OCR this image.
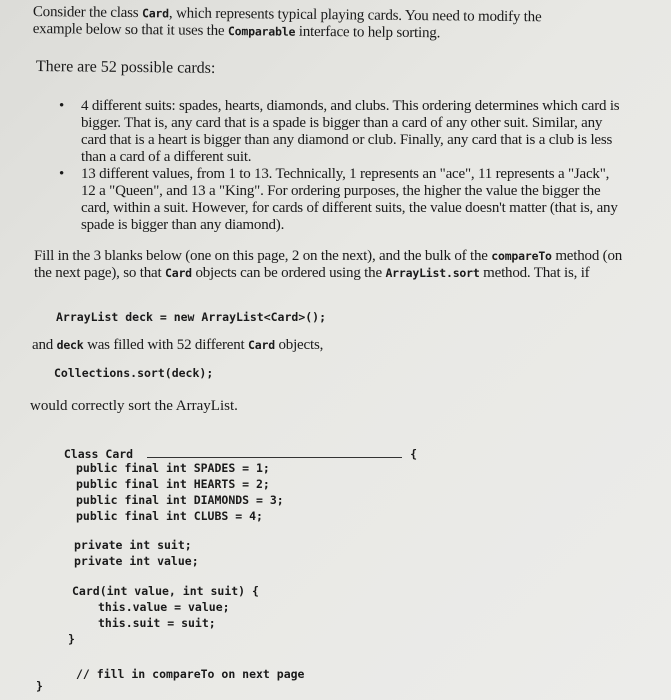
Consider the class Card, which represents typical playing cards. You need to modify the example below so that it uses the Comparable interface to help sorting.
There are 52 possible cards:
• 4 different suits: spades, hearts, diamonds, and clubs. This ordering determines which card is bigger. That is, any card that is a spade is bigger than a card of any other suit. Similar, any card that is a heart is bigger than any diamond or club. Finally, any card that is a club is less than a card of a different suit.
• 13 different values, from 1 to 13. Technically, 1 represents an "ace", 11 represents a "Jack", 12 a "Queen", and 13 a "King". For ordering purposes, the higher the value the bigger the card, within a suit. However, for cards of different suits, the value doesn't matter (that is, any spade is bigger than any diamond).
Fill in the 3 blanks below (one on this page, 2 on the next), and the bulk of the compareTo method (on the next page), so that Card objects can be ordered using the ArrayList.sort method. That is, if
ArrayList deck = new ArrayList<Card>();
and deck was filled with 52 different Card objects,
Collections.sort(deck);
would correctly sort the ArrayList.

Class Card	{

public final int SPADES = 1;
public final int HEARTS = 2;
public final int DIAMONDS = 3;
public final int CLUBS = 4;
private int suit;
private int value;
Card(int value, int suit) {
this.value = value;
this.suit = suit;
}
// fill in compareTo on next page
}
